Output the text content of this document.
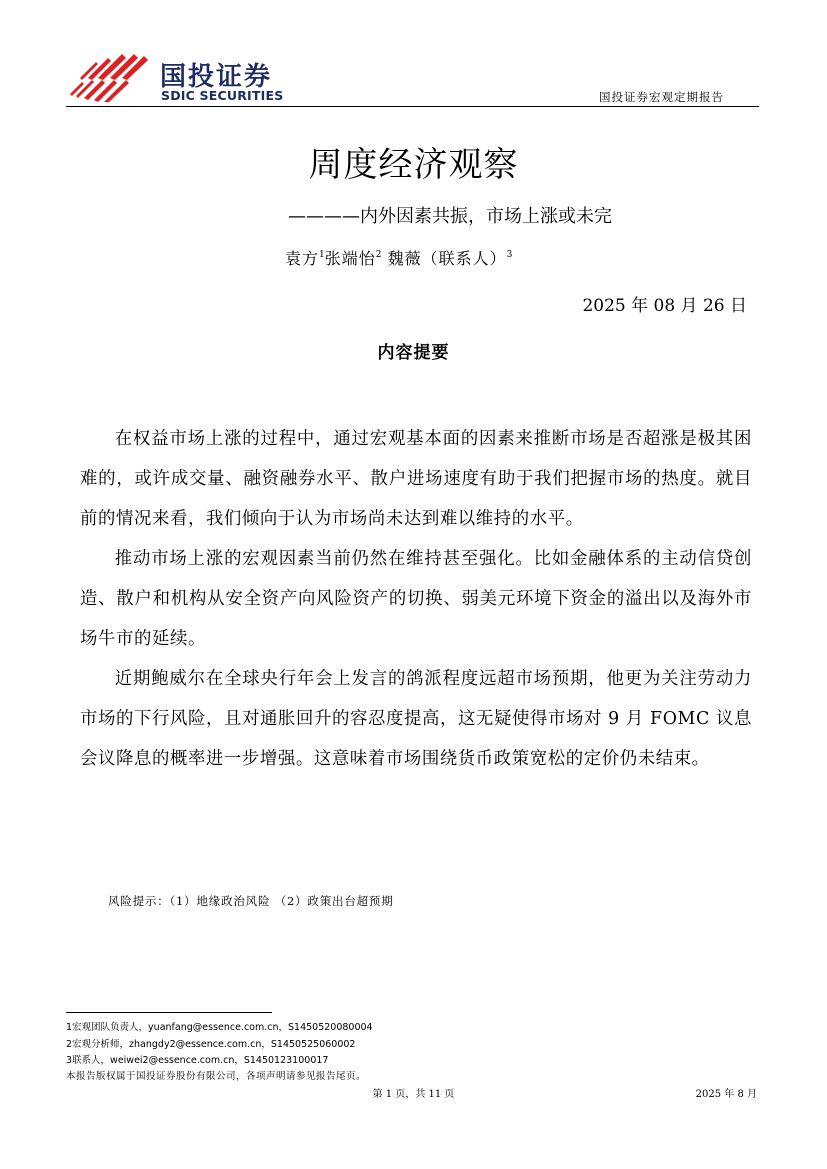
国投证券
SDIC SECURITIES	国投证券宏观定期报告
周度经济观察
————内外因素共振，市场上涨或未完
袁方$^1$张端怡$^2$ 魏薇（联系人）$^3$
2025 年 08 月 26 日
内容提要

在权益市场上涨的过程中，通过宏观基本面的因素来推断市场是否超涨是极其困难的，或许成交量、融资融券水平、散户进场速度有助于我们把握市场的热度。就目前的情况来看，我们倾向于认为市场尚未达到难以维持的水平。

推动市场上涨的宏观因素当前仍然在维持甚至强化。比如金融体系的主动信贷创造、散户和机构从安全资产向风险资产的切换、弱美元环境下资金的溢出以及海外市场牛市的延续。

近期鲍威尔在全球央行年会上发言的鸽派程度远超市场预期，他更为关注劳动力市场的下行风险，且对通胀回升的容忍度提高，这无疑使得市场对 9 月 FOMC 议息会议降息的概率进一步增强。这意味着市场围绕货币政策宽松的定价仍未结束。

风险提示：（1）地缘政治风险 （2）政策出台超预期
1宏观团队负责人，yuanfang@essence.com.cn，S1450520080004
2宏观分析师，zhangdy2@essence.com.cn，S1450525060002
3联系人，weiwei2@essence.com.cn，S1450123100017
本报告版权属于国投证券股份有限公司，各项声明请参见报告尾页。
第 1 页，共 11 页	2025 年 8 月
